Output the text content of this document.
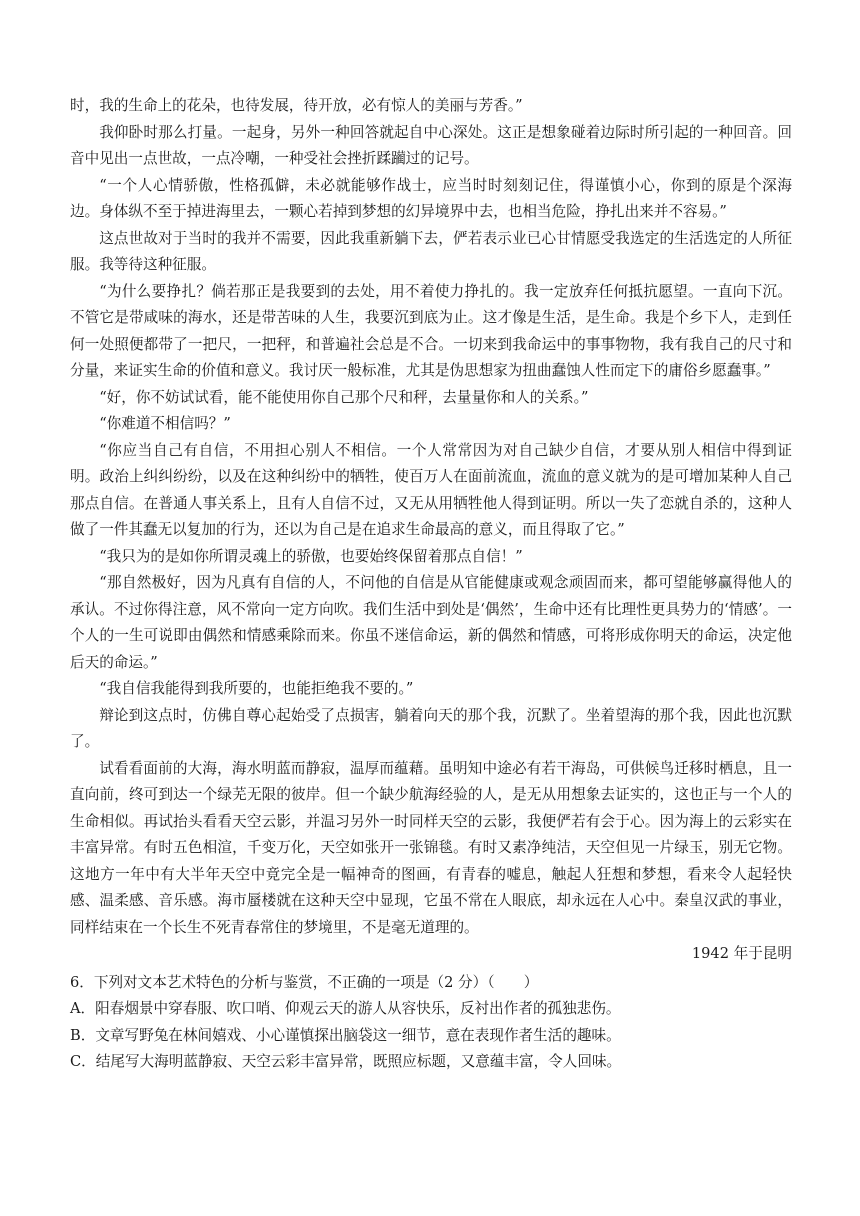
时，我的生命上的花朵，也待发展，待开放，必有惊人的美丽与芳香。”

我仰卧时那么打量。一起身，另外一种回答就起自中心深处。这正是想象碰着边际时所引起的一种回音。回音中见出一点世故，一点冷嘲，一种受社会挫折蹂躏过的记号。

“一个人心情骄傲，性格孤僻，未必就能够作战士，应当时时刻刻记住，得谨慎小心，你到的原是个深海边。身体纵不至于掉进海里去，一颗心若掉到梦想的幻异境界中去，也相当危险，挣扎出来并不容易。”

这点世故对于当时的我并不需要，因此我重新躺下去，俨若表示业已心甘情愿受我选定的生活选定的人所征服。我等待这种征服。

“为什么要挣扎？倘若那正是我要到的去处，用不着使力挣扎的。我一定放弃任何抵抗愿望。一直向下沉。不管它是带咸味的海水，还是带苦味的人生，我要沉到底为止。这才像是生活，是生命。我是个乡下人，走到任何一处照便都带了一把尺，一把秤，和普遍社会总是不合。一切来到我命运中的事事物物，我有我自己的尺寸和分量，来证实生命的价值和意义。我讨厌一般标准，尤其是伪思想家为扭曲蠢蚀人性而定下的庸俗乡愿蠢事。”

“好，你不妨试试看，能不能使用你自己那个尺和秤，去量量你和人的关系。”

“你难道不相信吗？”

“你应当自己有自信，不用担心别人不相信。一个人常常因为对自己缺少自信，才要从别人相信中得到证明。政治上纠纠纷纷，以及在这种纠纷中的牺牲，使百万人在面前流血，流血的意义就为的是可增加某种人自己那点自信。在普通人事关系上，且有人自信不过，又无从用牺牲他人得到证明。所以一失了恋就自杀的，这种人做了一件其蠢无以复加的行为，还以为自己是在追求生命最高的意义，而且得取了它。”

“我只为的是如你所谓灵魂上的骄傲，也要始终保留着那点自信！”

“那自然极好，因为凡真有自信的人，不问他的自信是从官能健康或观念顽固而来，都可望能够赢得他人的承认。不过你得注意，风不常向一定方向吹。我们生活中到处是‘偶然’，生命中还有比理性更具势力的‘情感’。一个人的一生可说即由偶然和情感乘除而来。你虽不迷信命运，新的偶然和情感，可将形成你明天的命运，决定他后天的命运。”

“我自信我能得到我所要的，也能拒绝我不要的。”

辩论到这点时，仿佛自尊心起始受了点损害，躺着向天的那个我，沉默了。坐着望海的那个我，因此也沉默了。

试看看面前的大海，海水明蓝而静寂，温厚而蕴藉。虽明知中途必有若干海岛，可供候鸟迁移时栖息，且一直向前，终可到达一个绿芜无限的彼岸。但一个缺少航海经验的人，是无从用想象去证实的，这也正与一个人的生命相似。再试抬头看看天空云影，并温习另外一时同样天空的云影，我便俨若有会于心。因为海上的云彩实在丰富异常。有时五色相渲，千变万化，天空如张开一张锦毯。有时又素净纯洁，天空但见一片绿玉，别无它物。这地方一年中有大半年天空中竟完全是一幅神奇的图画，有青春的嘘息，触起人狂想和梦想，看来令人起轻快感、温柔感、音乐感。海市蜃楼就在这种天空中显现，它虽不常在人眼底，却永远在人心中。秦皇汉武的事业，同样结束在一个长生不死青春常住的梦境里，不是毫无道理的。

1942 年于昆明

6．下列对文本艺术特色的分析与鉴赏，不正确的一项是（2 分）（　　）
A．阳春烟景中穿春服、吹口哨、仰观云天的游人从容快乐，反衬出作者的孤独悲伤。
B．文章写野兔在林间嬉戏、小心谨慎探出脑袋这一细节，意在表现作者生活的趣味。
C．结尾写大海明蓝静寂、天空云彩丰富异常，既照应标题，又意蕴丰富，令人回味。
